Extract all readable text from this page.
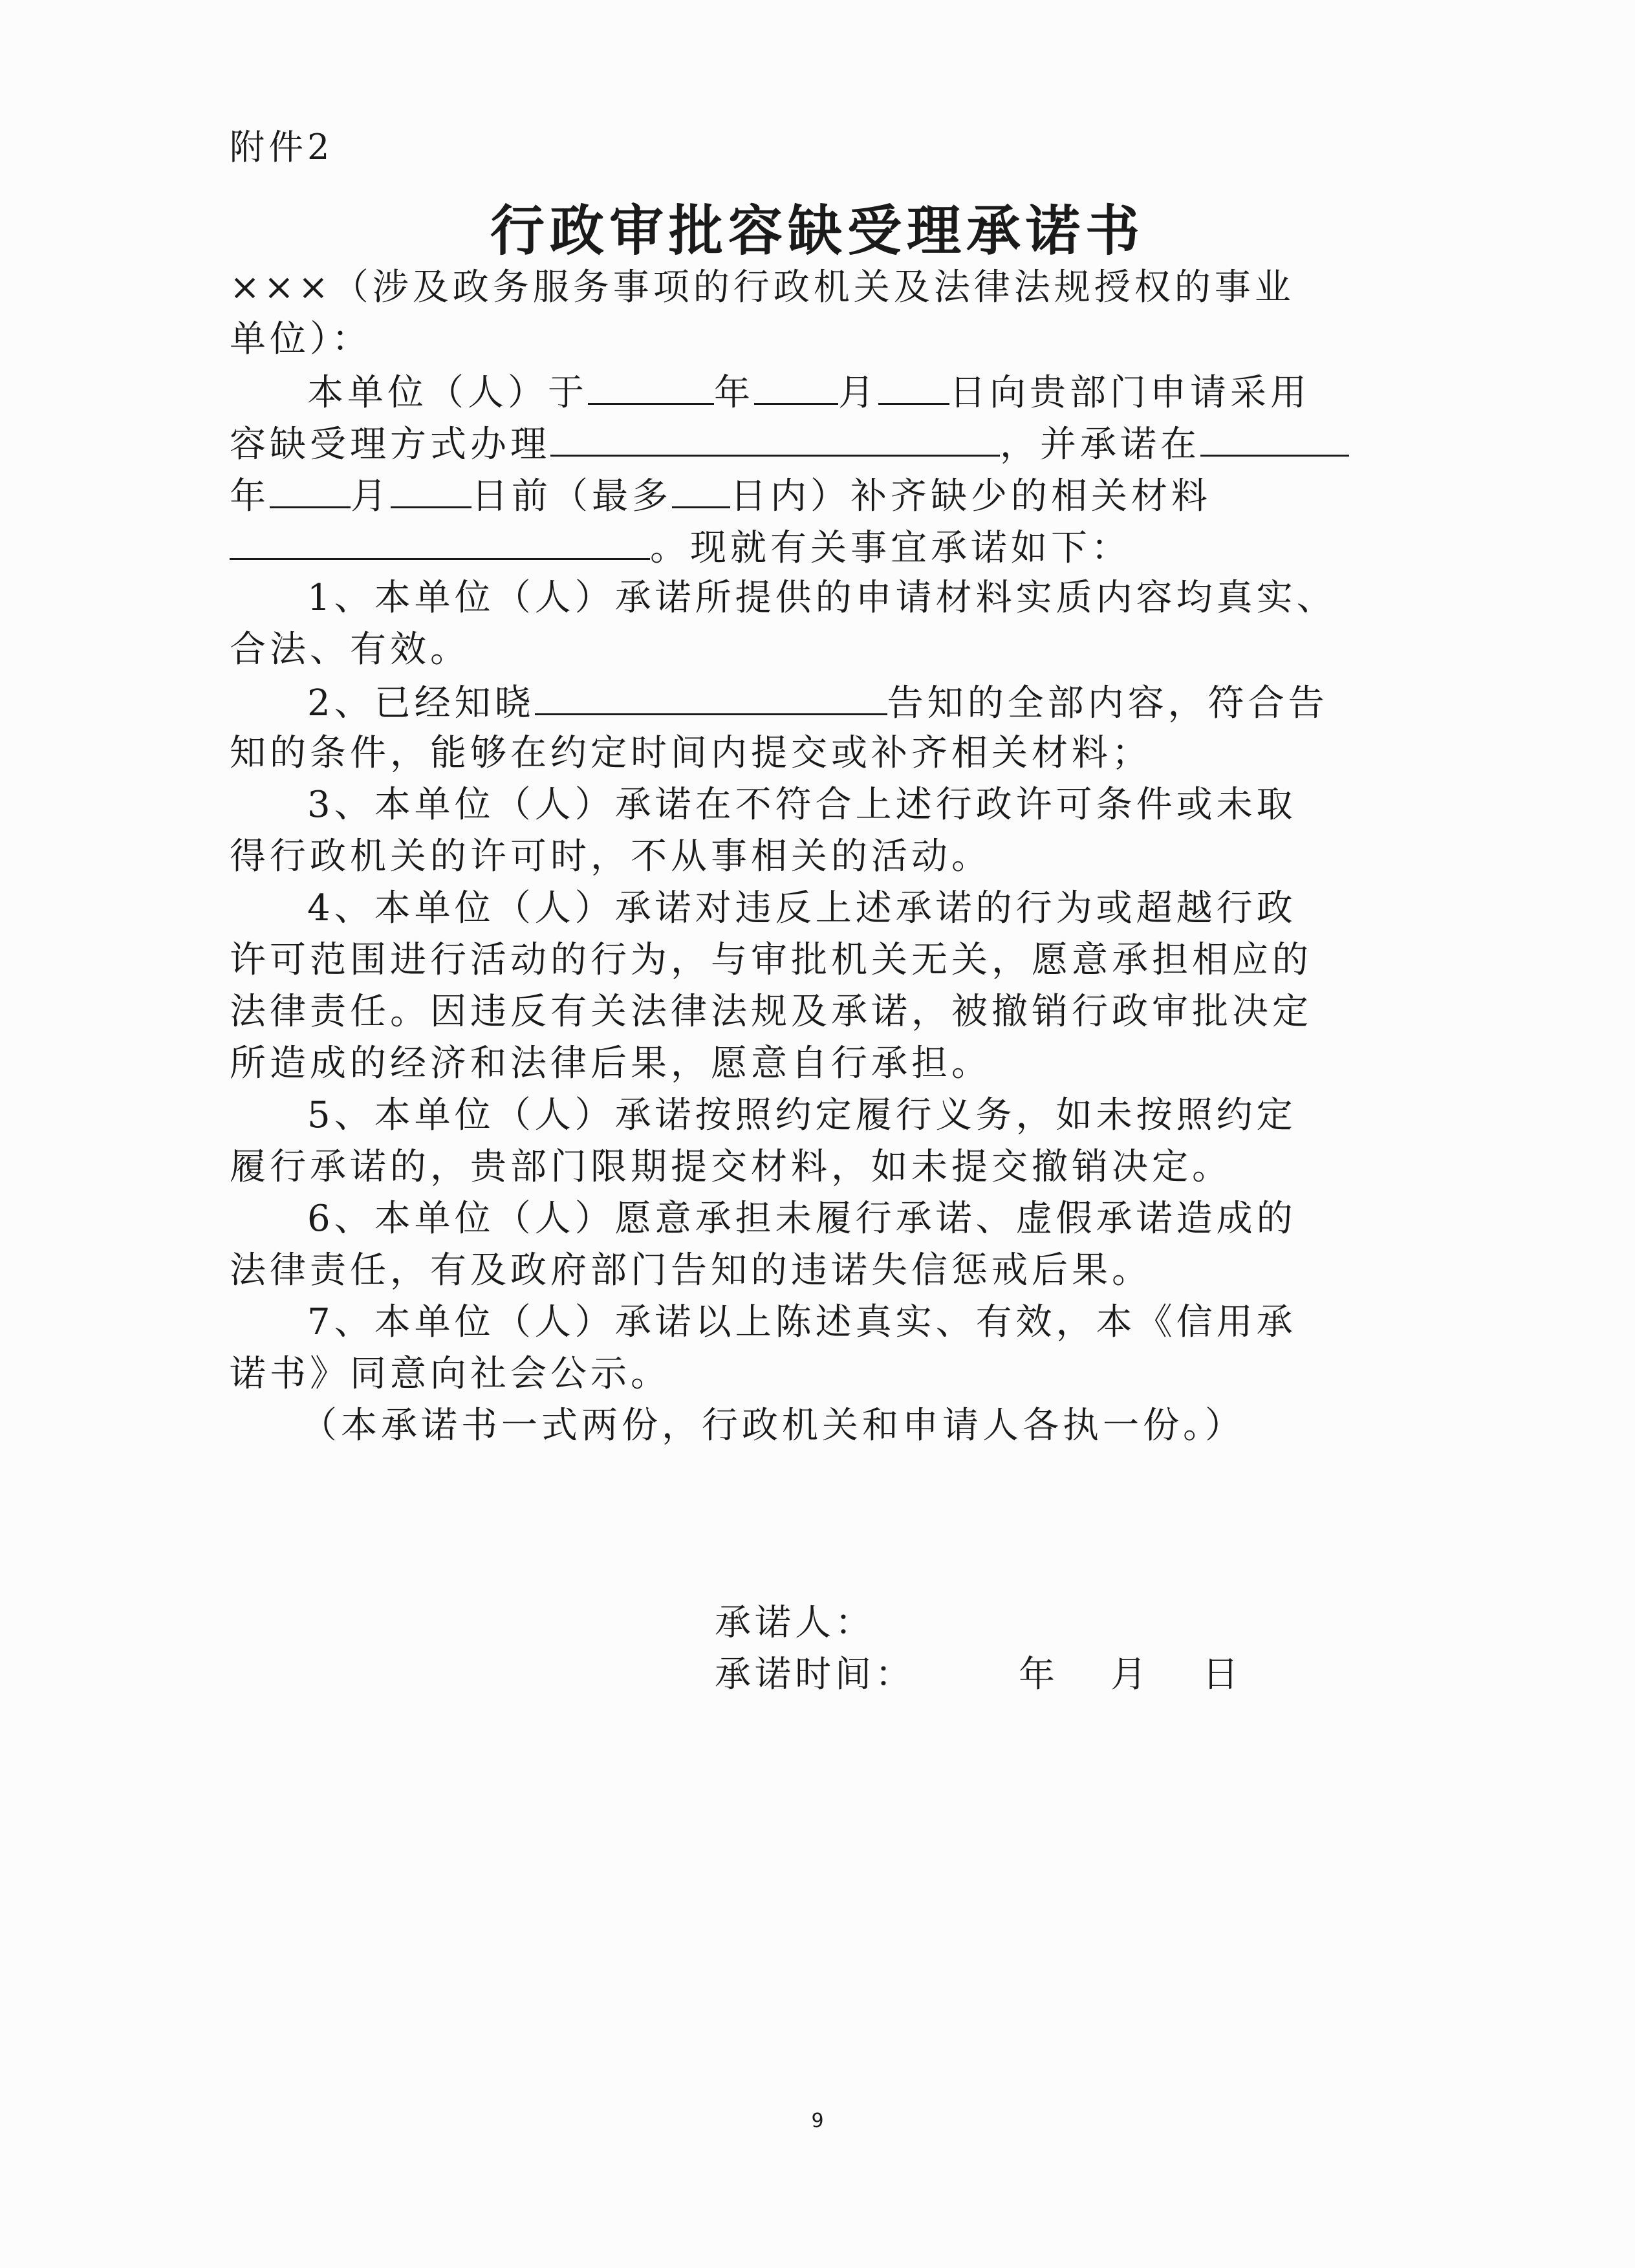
附件2
行政审批容缺受理承诺书
×××（涉及政务服务事项的行政机关及法律法规授权的事业
单位）：
本单位（人）于	年 月 日向贵部门申请采用
容缺受理方式办理	，并承诺在
年 月 日前（最多 日内）补齐缺少的相关材料
。现就有关事宜承诺如下：
1、本单位（人）承诺所提供的申请材料实质内容均真实、
合法、有效。
2、已经知晓	告知的全部内容，符合告
知的条件，能够在约定时间内提交或补齐相关材料；
3、本单位（人）承诺在不符合上述行政许可条件或未取
得行政机关的许可时，不从事相关的活动。
4、本单位（人）承诺对违反上述承诺的行为或超越行政
许可范围进行活动的行为，与审批机关无关，愿意承担相应的
法律责任。因违反有关法律法规及承诺，被撤销行政审批决定
所造成的经济和法律后果，愿意自行承担。
5、本单位（人）承诺按照约定履行义务，如未按照约定
履行承诺的，贵部门限期提交材料，如未提交撤销决定。
6、本单位（人）愿意承担未履行承诺、虚假承诺造成的
法律责任，有及政府部门告知的违诺失信惩戒后果。
7、本单位（人）承诺以上陈述真实、有效，本《信用承
诺书》同意向社会公示。
（本承诺书一式两份，行政机关和申请人各执一份。）
承诺人：
承诺时间：	年 月 日
9
